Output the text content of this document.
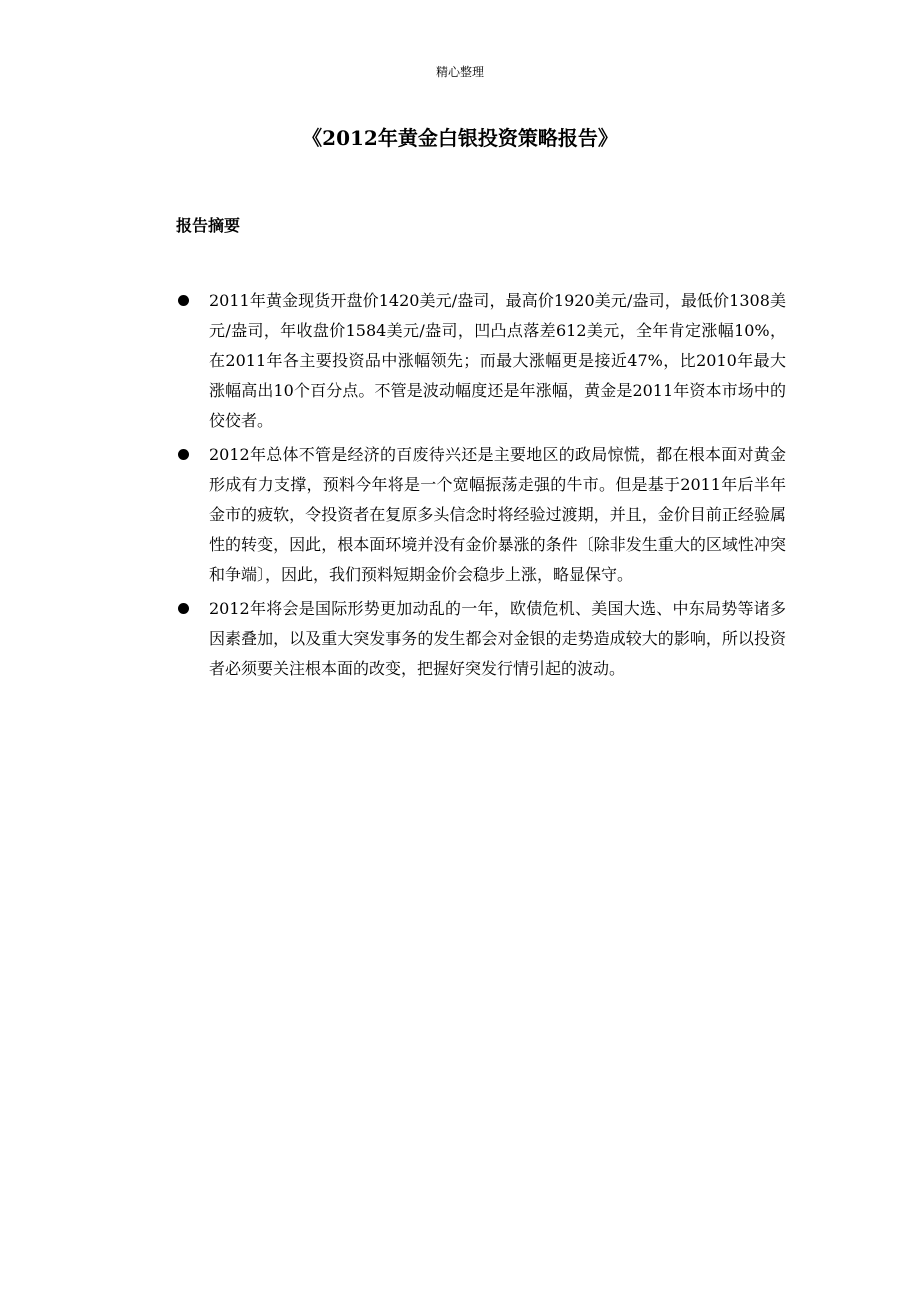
精心整理
《2012年黄金白银投资策略报告》
报告摘要
2011年黄金现货开盘价1420美元/盎司，最高价1920美元/盎司，最低价1308美元/盎司，年收盘价1584美元/盎司，凹凸点落差612美元，全年肯定涨幅10%，在2011年各主要投资品中涨幅领先；而最大涨幅更是接近47%，比2010年最大涨幅高出10个百分点。不管是波动幅度还是年涨幅，黄金是2011年资本市场中的佼佼者。
2012年总体不管是经济的百废待兴还是主要地区的政局惊慌，都在根本面对黄金形成有力支撑，预料今年将是一个宽幅振荡走强的牛市。但是基于2011年后半年金市的疲软，令投资者在复原多头信念时将经验过渡期，并且，金价目前正经验属性的转变，因此，根本面环境并没有金价暴涨的条件〔除非发生重大的区域性冲突和争端〕，因此，我们预料短期金价会稳步上涨，略显保守。
2012年将会是国际形势更加动乱的一年，欧债危机、美国大选、中东局势等诸多因素叠加，以及重大突发事务的发生都会对金银的走势造成较大的影响，所以投资者必须要关注根本面的改变，把握好突发行情引起的波动。
